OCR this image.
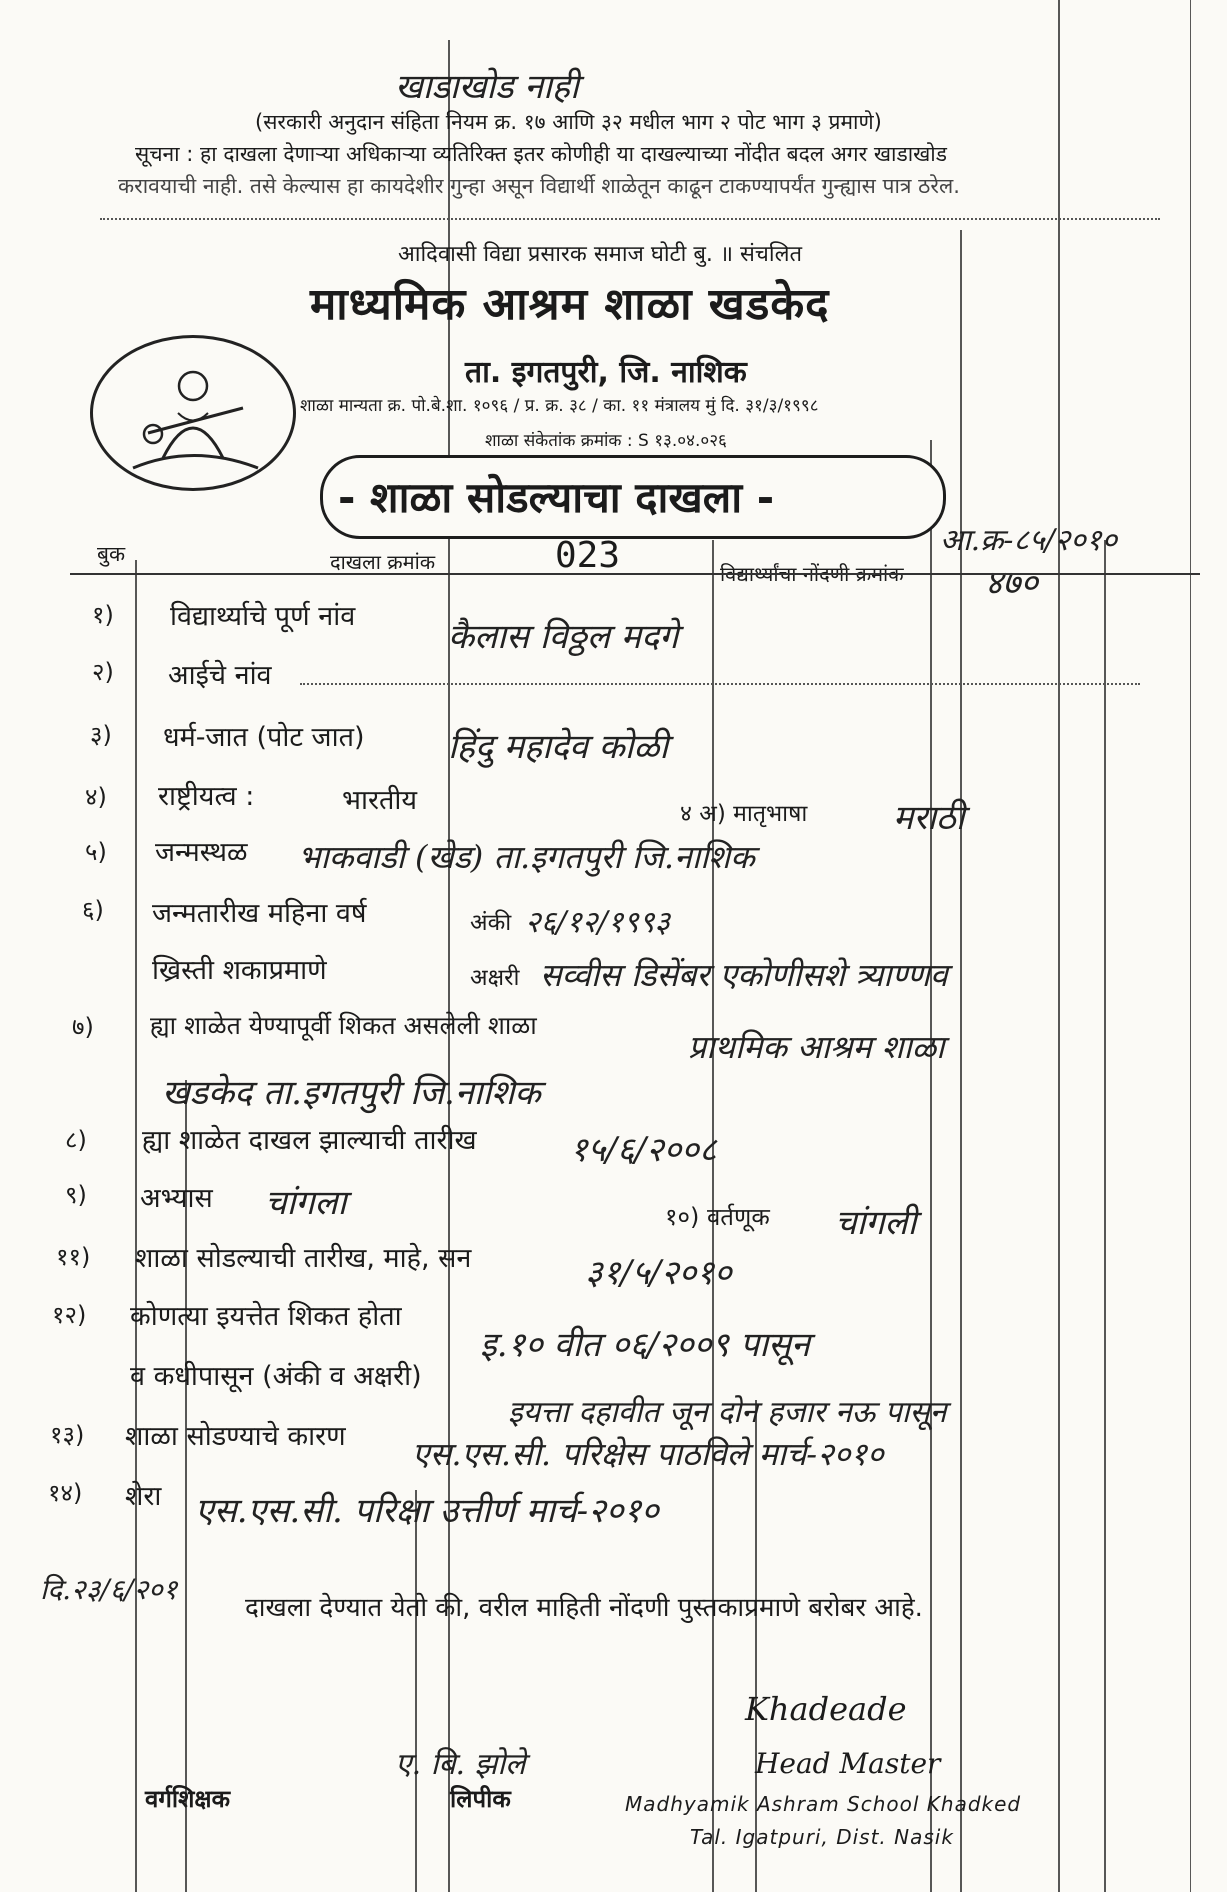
खाडाखोड नाही
(सरकारी अनुदान संहिता नियम क्र. १७ आणि ३२ मधील भाग २ पोट भाग ३ प्रमाणे)
सूचना : हा दाखला देणाऱ्या अधिकाऱ्या व्यतिरिक्त इतर कोणीही या दाखल्याच्या नोंदीत बदल अगर खाडाखोड
करावयाची नाही. तसे केल्यास हा कायदेशीर गुन्हा असून विद्यार्थी शाळेतून काढून टाकण्यापर्यंत गुन्ह्यास पात्र ठरेल.
आदिवासी विद्या प्रसारक समाज घोटी बु. ॥ संचलित
माध्यमिक आश्रम शाळा खडकेद
ता. इगतपुरी, जि. नाशिक
शाळा मान्यता क्र. पो.बे.शा. १०९६ / प्र. क्र. ३८ / का. ११ मंत्रालय मुं दि. ३१/३/१९९८
शाळा संकेतांक क्रमांक : S १३.०४.०२६
- शाळा सोडल्याचा दाखला -
आ.क्र-८५/२०१०
बुक	दाखला क्रमांक	023	विद्यार्थ्यांचा नोंदणी क्रमांक ४७०
१) विद्यार्थ्याचे पूर्ण नांव
कैलास विठ्ठल मदगे
२) आईचे नांव
३) धर्म-जात (पोट जात) हिंदु महादेव कोळी
४) राष्ट्रीयत्व :	भारतीय	४ अ) मातृभाषा	मराठी
५) जन्मस्थळ भाकवाडी (खेड) ता.इगतपुरी जि.नाशिक
६) जन्मतारीख महिना वर्ष	अंकी २६/१२/१९९३
ख्रिस्ती शकाप्रमाणे	अक्षरी सव्वीस डिसेंबर एकोणीसशे त्र्याण्णव
७) ह्या शाळेत येण्यापूर्वी शिकत असलेली शाळा
प्राथमिक आश्रम शाळा
खडकेद ता.इगतपुरी जि.नाशिक
८) ह्या शाळेत दाखल झाल्याची तारीख	१५/६/२००८
९) अभ्यास चांगला	१०) वर्तणूक चांगली
११) शाळा सोडल्याची तारीख, माहे, सन	३१/५/२०१०
१२) कोणत्या इयत्तेत शिकत होता
इ.१० वीत ०६/२००९ पासून
व कधीपासून (अंकी व अक्षरी)
इयत्ता दहावीत जून दोन हजार नऊ पासून
१३) शाळा सोडण्याचे कारण एस.एस.सी. परिक्षेस पाठविले मार्च-२०१०
१४) शेरा एस.एस.सी. परिक्षा उत्तीर्ण मार्च-२०१०
दि.२३/६/२०१
दाखला देण्यात येतो की, वरील माहिती नोंदणी पुस्तकाप्रमाणे बरोबर आहे.
ए. बि. झोले
लिपीक
वर्गशिक्षक
Khadeade
Head Master
Madhyamik Ashram School Khadked
Tal. Igatpuri, Dist. Nasik
